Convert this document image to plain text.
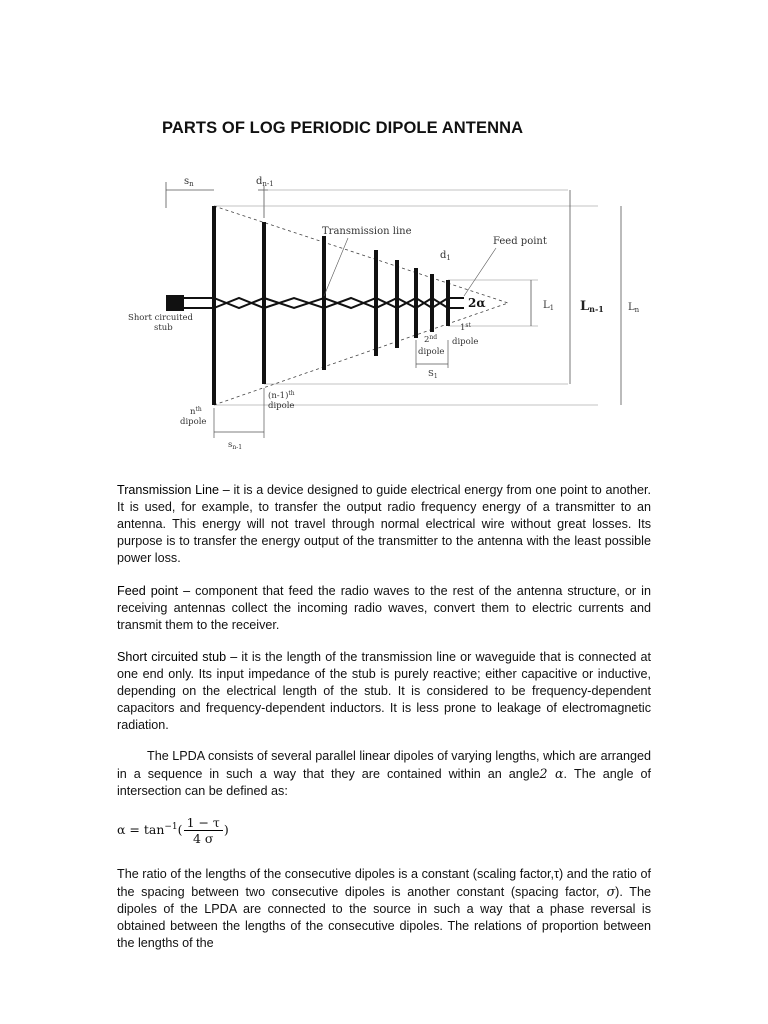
PARTS OF LOG PERIODIC DIPOLE ANTENNA
$s_n$	$d_{n-1}$
Transmission line
Feed point
$d_1$
2α	$L_1$ Ln-1 $L_n$
Short circuited
stub	1st
dipole
2nd
dipole
$S_1$
$n^{th}$
dipole
$(n-1)^{th}$
dipole
$s_{n-1}$
Transmission Line – it is a device designed to guide electrical energy from one point to another. It is used, for example, to transfer the output radio frequency energy of a transmitter to an antenna. This energy will not travel through normal electrical wire without great losses. Its purpose is to transfer the energy output of the transmitter to the antenna with the least possible power loss.
Feed point – component that feed the radio waves to the rest of the antenna structure, or in receiving antennas collect the incoming radio waves, convert them to electric currents and transmit them to the receiver.
Short circuited stub – it is the length of the transmission line or waveguide that is connected at one end only. Its input impedance of the stub is purely reactive; either capacitive or inductive, depending on the electrical length of the stub. It is considered to be frequency-dependent capacitors and frequency-dependent inductors. It is less prone to leakage of electromagnetic radiation.
The LPDA consists of several parallel linear dipoles of varying lengths, which are arranged in a sequence in such a way that they are contained within an angle2 α. The angle of intersection can be defined as:
$\alpha = \tan^{-1}( \frac{1 - \tau}{4 \sigma}$ )
The ratio of the lengths of the consecutive dipoles is a constant (scaling factor,τ) and the ratio of the spacing between two consecutive dipoles is another constant (spacing factor, σ). The dipoles of the LPDA are connected to the source in such a way that a phase reversal is obtained between the lengths of the consecutive dipoles. The relations of proportion between the lengths of the
